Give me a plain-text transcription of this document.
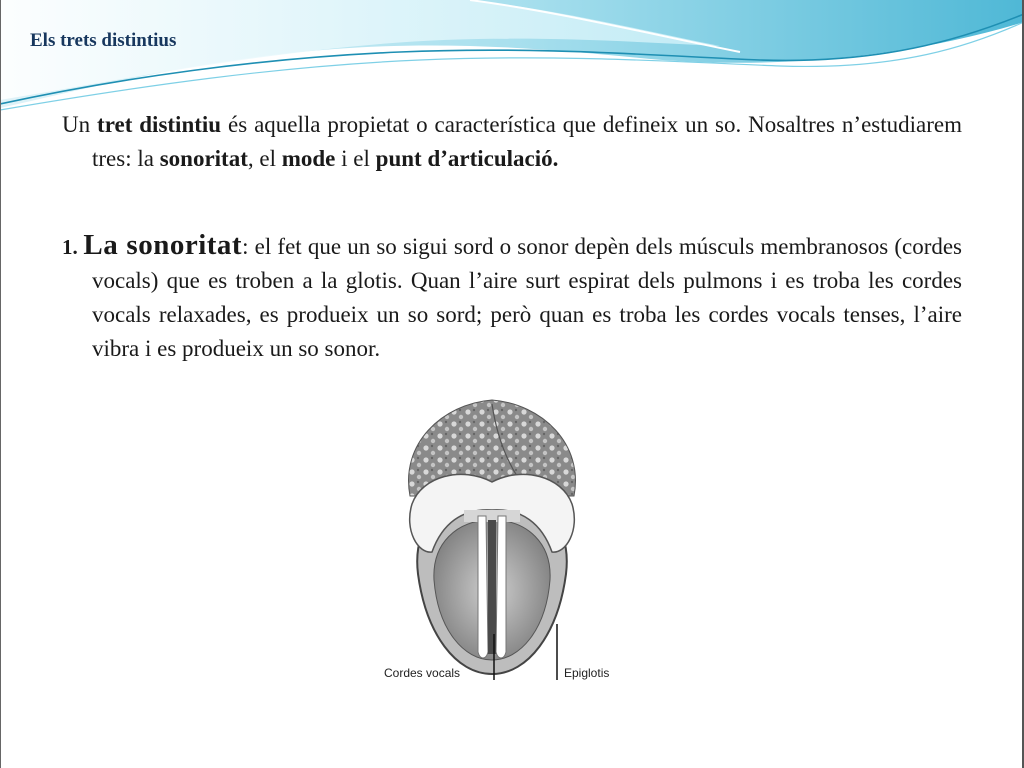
Els trets distintius

Un tret distintiu és aquella propietat o característica que defineix un so. Nosaltres n’estudiarem tres: la sonoritat, el mode i el punt d’articulació.

1. La sonoritat: el fet que un so sigui sord o sonor depèn dels músculs membranosos (cordes vocals) que es troben a la glotis. Quan l’aire surt espirat dels pulmons i es troba les cordes vocals relaxades, es produeix un so sord; però quan es troba les cordes vocals tenses, l’aire vibra i es produeix un so sonor.

Cordes vocals	Epiglotis
